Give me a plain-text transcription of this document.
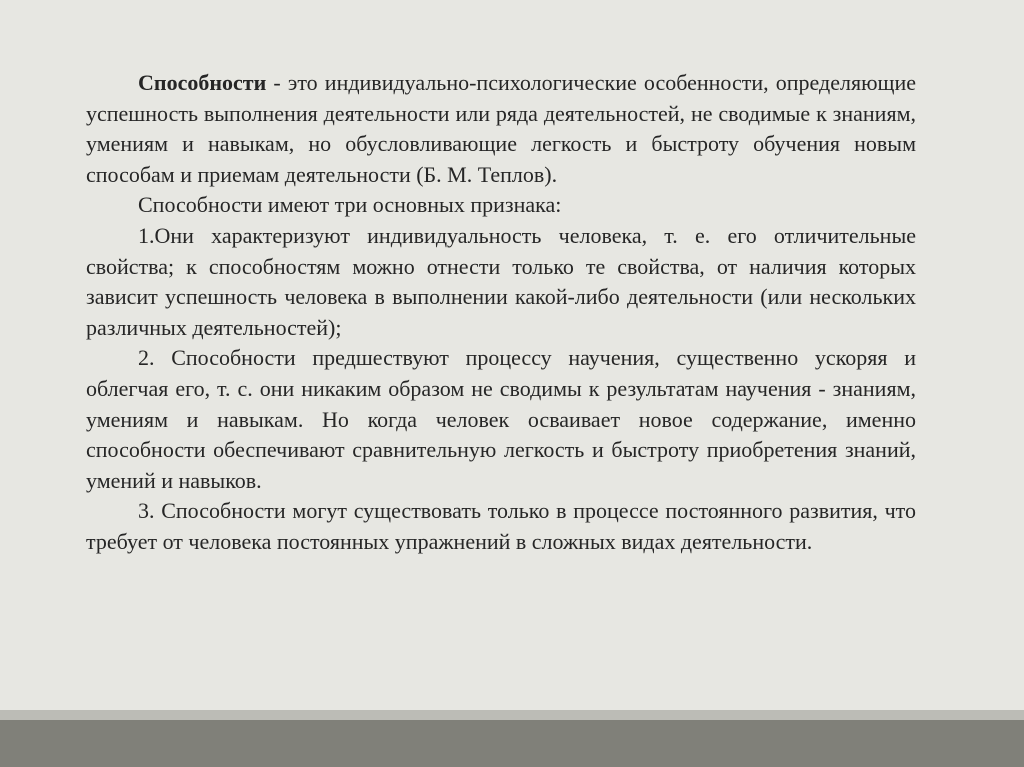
Способности - это индивидуально-психологические особенности, определяющие успешность выполнения деятельности или ряда деятельностей, не сводимые к знаниям, умениям и навыкам, но обусловливающие легкость и быстроту обучения новым способам и приемам деятельности (Б. М. Теплов).

Способности имеют три основных признака:

1.Они характеризуют индивидуальность человека, т. е. его отличительные свойства; к способностям можно отнести только те свойства, от наличия которых зависит успешность человека в выполнении какой-либо деятельности (или нескольких различных деятельностей);

2. Способности предшествуют процессу научения, существенно ускоряя и облегчая его, т. с. они никаким образом не сводимы к результатам научения - знаниям, умениям и навыкам. Но когда человек осваивает новое содержание, именно способности обеспечивают сравнительную легкость и быстроту приобретения знаний, умений и навыков.

3. Способности могут существовать только в процессе постоянного развития, что требует от человека постоянных упражнений в сложных видах деятельности.
